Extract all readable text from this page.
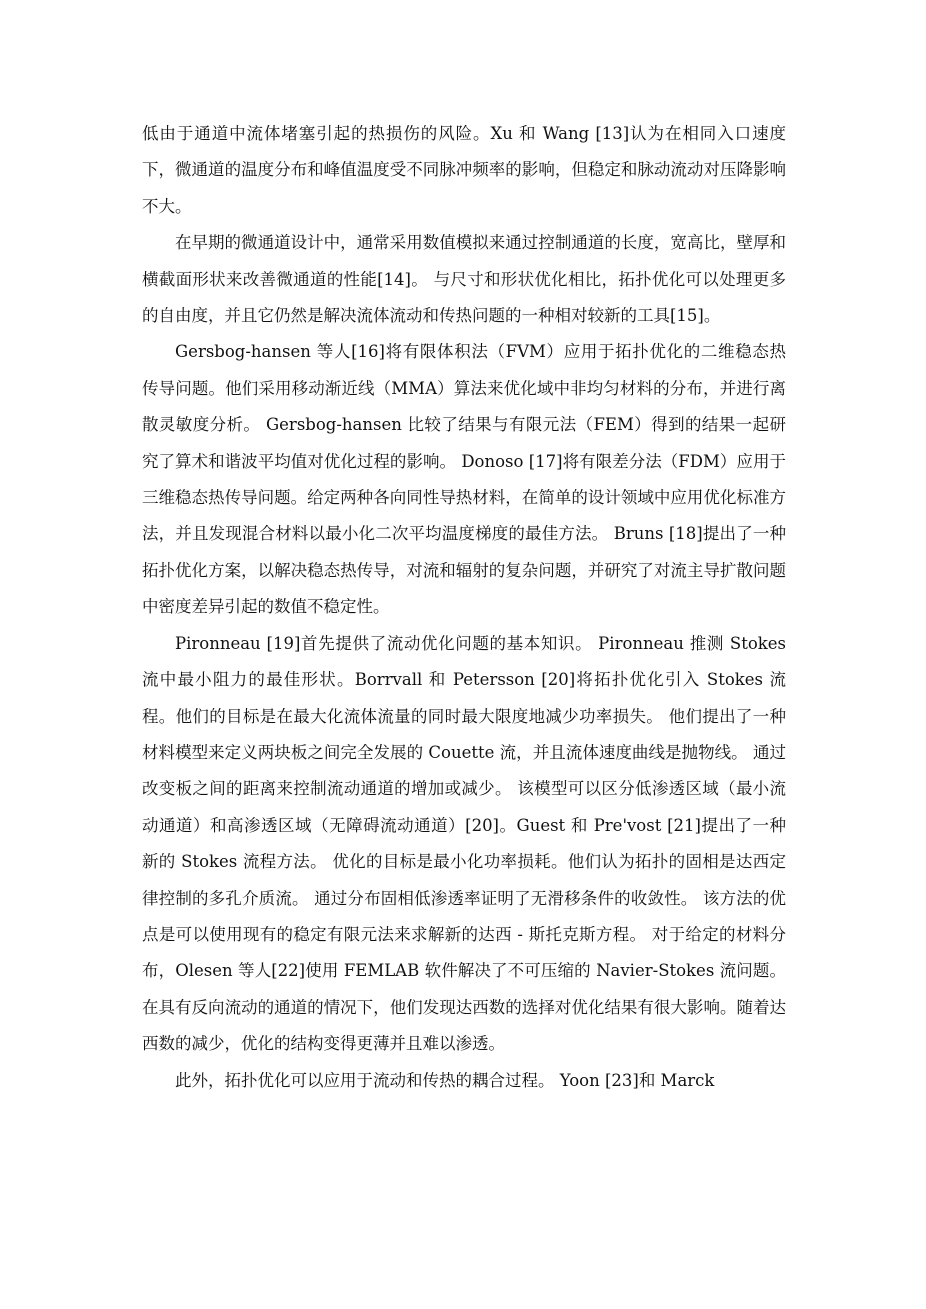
低由于通道中流体堵塞引起的热损伤的风险。Xu 和 Wang [13]认为在相同入口速度下，微通道的温度分布和峰值温度受不同脉冲频率的影响，但稳定和脉动流动对压降影响不大。

在早期的微通道设计中，通常采用数值模拟来通过控制通道的长度，宽高比，壁厚和横截面形状来改善微通道的性能[14]。 与尺寸和形状优化相比，拓扑优化可以处理更多的自由度，并且它仍然是解决流体流动和传热问题的一种相对较新的工具[15]。

Gersbog-hansen 等人[16]将有限体积法（FVM）应用于拓扑优化的二维稳态热传导问题。他们采用移动渐近线（MMA）算法来优化域中非均匀材料的分布，并进行离散灵敏度分析。 Gersbog-hansen 比较了结果与有限元法（FEM）得到的结果一起研究了算术和谐波平均值对优化过程的影响。 Donoso [17]将有限差分法（FDM）应用于三维稳态热传导问题。给定两种各向同性导热材料，在简单的设计领域中应用优化标准方法，并且发现混合材料以最小化二次平均温度梯度的最佳方法。 Bruns [18]提出了一种拓扑优化方案，以解决稳态热传导，对流和辐射的复杂问题，并研究了对流主导扩散问题中密度差异引起的数值不稳定性。

Pironneau [19]首先提供了流动优化问题的基本知识。 Pironneau 推测 Stokes 流中最小阻力的最佳形状。Borrvall 和 Petersson [20]将拓扑优化引入 Stokes 流程。他们的目标是在最大化流体流量的同时最大限度地减少功率损失。 他们提出了一种材料模型来定义两块板之间完全发展的 Couette 流，并且流体速度曲线是抛物线。 通过改变板之间的距离来控制流动通道的增加或减少。 该模型可以区分低渗透区域（最小流动通道）和高渗透区域（无障碍流动通道）[20]。Guest 和 Pre'vost [21]提出了一种新的 Stokes 流程方法。 优化的目标是最小化功率损耗。他们认为拓扑的固相是达西定律控制的多孔介质流。 通过分布固相低渗透率证明了无滑移条件的收敛性。 该方法的优点是可以使用现有的稳定有限元法来求解新的达西 - 斯托克斯方程。 对于给定的材料分布，Olesen 等人[22]使用 FEMLAB 软件解决了不可压缩的 Navier-Stokes 流问题。 在具有反向流动的通道的情况下，他们发现达西数的选择对优化结果有很大影响。随着达西数的减少，优化的结构变得更薄并且难以渗透。

此外，拓扑优化可以应用于流动和传热的耦合过程。 Yoon [23]和 Marck
